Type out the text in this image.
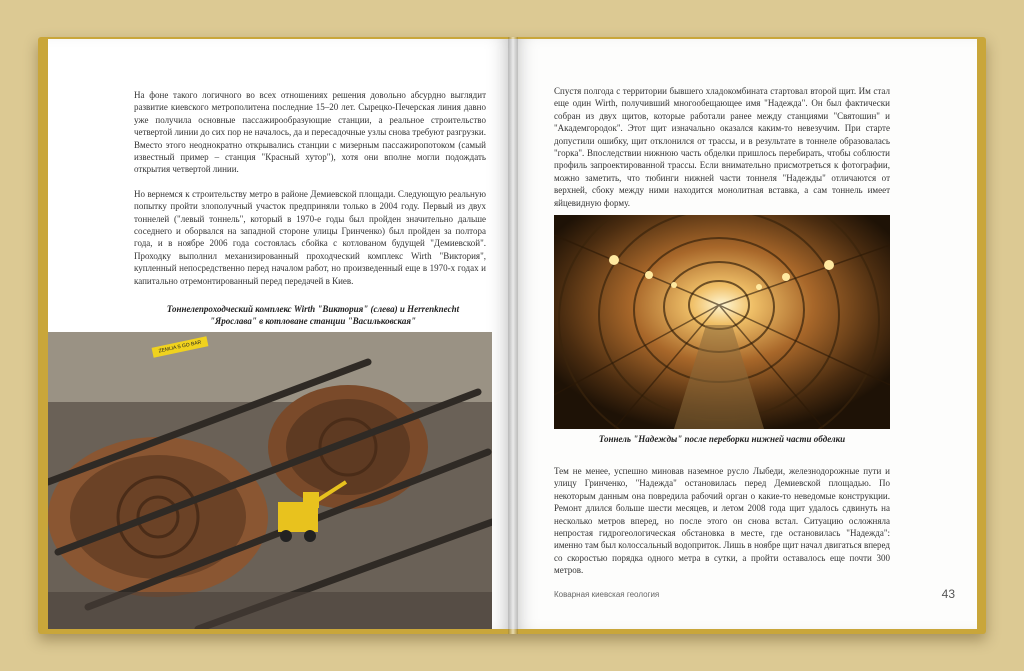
На фоне такого логичного во всех отношениях решения довольно абсурдно выглядит развитие киевского метрополитена последние 15–20 лет. Сырецко-Печерская линия давно уже получила основные пассажирообразующие станции, а реальное строительство четвертой линии до сих пор не началось, да и пересадочные узлы снова требуют разгрузки. Вместо этого неоднократно открывались станции с мизерным пассажиропотоком (самый известный пример – станция "Красный хутор"), хотя они вполне могли подождать открытия четвертой линии.

Но вернемся к строительству метро в районе Демиевской площади. Следующую реальную попытку пройти злополучный участок предприняли только в 2004 году. Первый из двух тоннелей ("левый тоннель", который в 1970-е годы был пройден значительно дальше соседнего и оборвался на западной стороне улицы Гринченко) был пройден за полтора года, и в ноябре 2006 года состоялась сбойка с котлованом будущей "Демиевской". Проходку выполнил механизированный проходческий комплекс Wirth "Виктория", купленный непосредственно перед началом работ, но произведенный еще в 1970-х годах и капитально отремонтированный перед передачей в Киев.

Тоннелепроходческий комплекс Wirth "Виктория" (слева) и Herrenknecht
"Ярослава" в котловане станции "Васильковская"
ZEMLIA S GO BAR

Спустя полгода с территории бывшего хладокомбината стартовал второй щит. Им стал еще один Wirth, получивший многообещающее имя "Надежда". Он был фактически собран из двух щитов, которые работали ранее между станциями "Святошин" и "Академгородок". Этот щит изначально оказался каким-то невезучим. При старте допустили ошибку, щит отклонился от трассы, и в результате в тоннеле образовалась "горка". Впоследствии нижнюю часть обделки пришлось перебирать, чтобы соблюсти профиль запроектированной трассы. Если внимательно присмотреться к фотографии, можно заметить, что тюбинги нижней части тоннеля "Надежды" отличаются от верхней, сбоку между ними находится монолитная вставка, а сам тоннель имеет яйцевидную форму.

Тоннель "Надежды" после переборки нижней части обделки

Тем не менее, успешно миновав наземное русло Лыбеди, железнодорожные пути и улицу Гринченко, "Надежда" остановилась перед Демиевской площадью. По некоторым данным она повредила рабочий орган о какие-то неведомые конструкции. Ремонт длился больше шести месяцев, и летом 2008 года щит удалось сдвинуть на несколько метров вперед, но после этого он снова встал. Ситуацию осложняла непростая гидрогеологическая обстановка в месте, где остановилась "Надежда": именно там был колоссальный водоприток. Лишь в ноябре щит начал двигаться вперед со скоростью порядка одного метра в сутки, а пройти оставалось еще почти 300 метров.

Коварная киевская геология	43
